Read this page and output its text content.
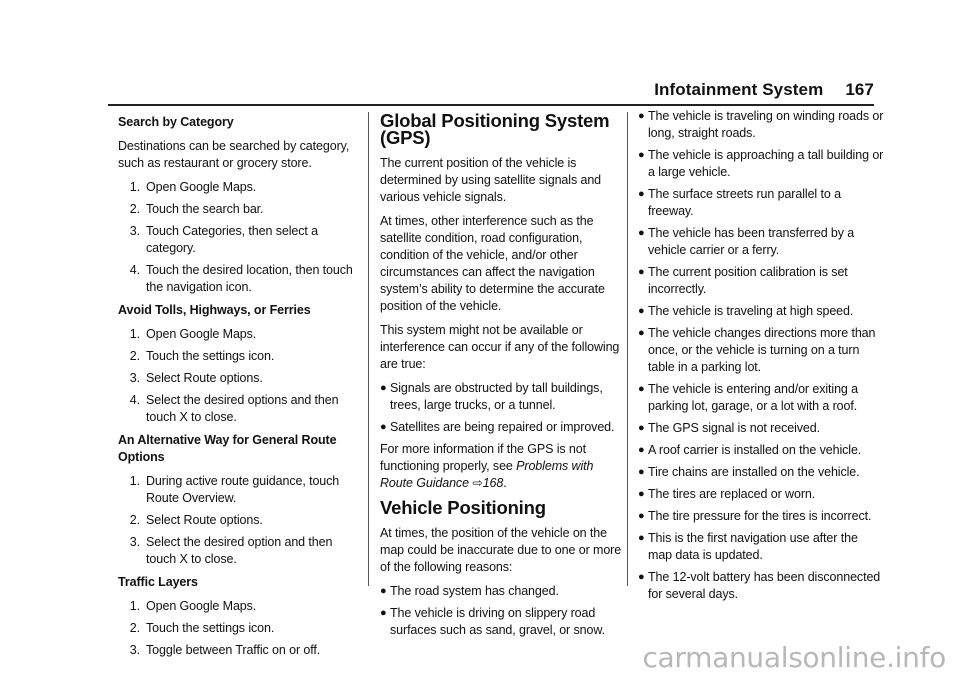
Infotainment System 167
Search by Category

Destinations can be searched by category, such as restaurant or grocery store.

1. Open Google Maps.
2. Touch the search bar.
3. Touch Categories, then select a category.
4. Touch the desired location, then touch the navigation icon.
Avoid Tolls, Highways, or Ferries
1. Open Google Maps.
2. Touch the settings icon.
3. Select Route options.
4. Select the desired options and then touch X to close.
An Alternative Way for General Route Options
1. During active route guidance, touch Route Overview.
2. Select Route options.
3. Select the desired option and then touch X to close.
Traffic Layers
1. Open Google Maps.
2. Touch the settings icon.
3. Toggle between Traffic on or off.
Global Positioning System (GPS)

The current position of the vehicle is determined by using satellite signals and various vehicle signals.

At times, other interference such as the satellite condition, road configuration, condition of the vehicle, and/or other circumstances can affect the navigation system’s ability to determine the accurate position of the vehicle.

This system might not be available or interference can occur if any of the following are true:

● Signals are obstructed by tall buildings, trees, large trucks, or a tunnel.
● Satellites are being repaired or improved.

For more information if the GPS is not functioning properly, see Problems with Route Guidance ⇨168.

Vehicle Positioning

At times, the position of the vehicle on the map could be inaccurate due to one or more of the following reasons:

● The road system has changed.
● The vehicle is driving on slippery road surfaces such as sand, gravel, or snow.
● The vehicle is traveling on winding roads or long, straight roads.
● The vehicle is approaching a tall building or a large vehicle.
● The surface streets run parallel to a freeway.
● The vehicle has been transferred by a vehicle carrier or a ferry.
● The current position calibration is set incorrectly.
● The vehicle is traveling at high speed.
● The vehicle changes directions more than once, or the vehicle is turning on a turn table in a parking lot.
● The vehicle is entering and/or exiting a parking lot, garage, or a lot with a roof.
● The GPS signal is not received.
● A roof carrier is installed on the vehicle.
● Tire chains are installed on the vehicle.
● The tires are replaced or worn.
● The tire pressure for the tires is incorrect.
● This is the first navigation use after the map data is updated.
● The 12-volt battery has been disconnected for several days.
carmanualsonline.info
